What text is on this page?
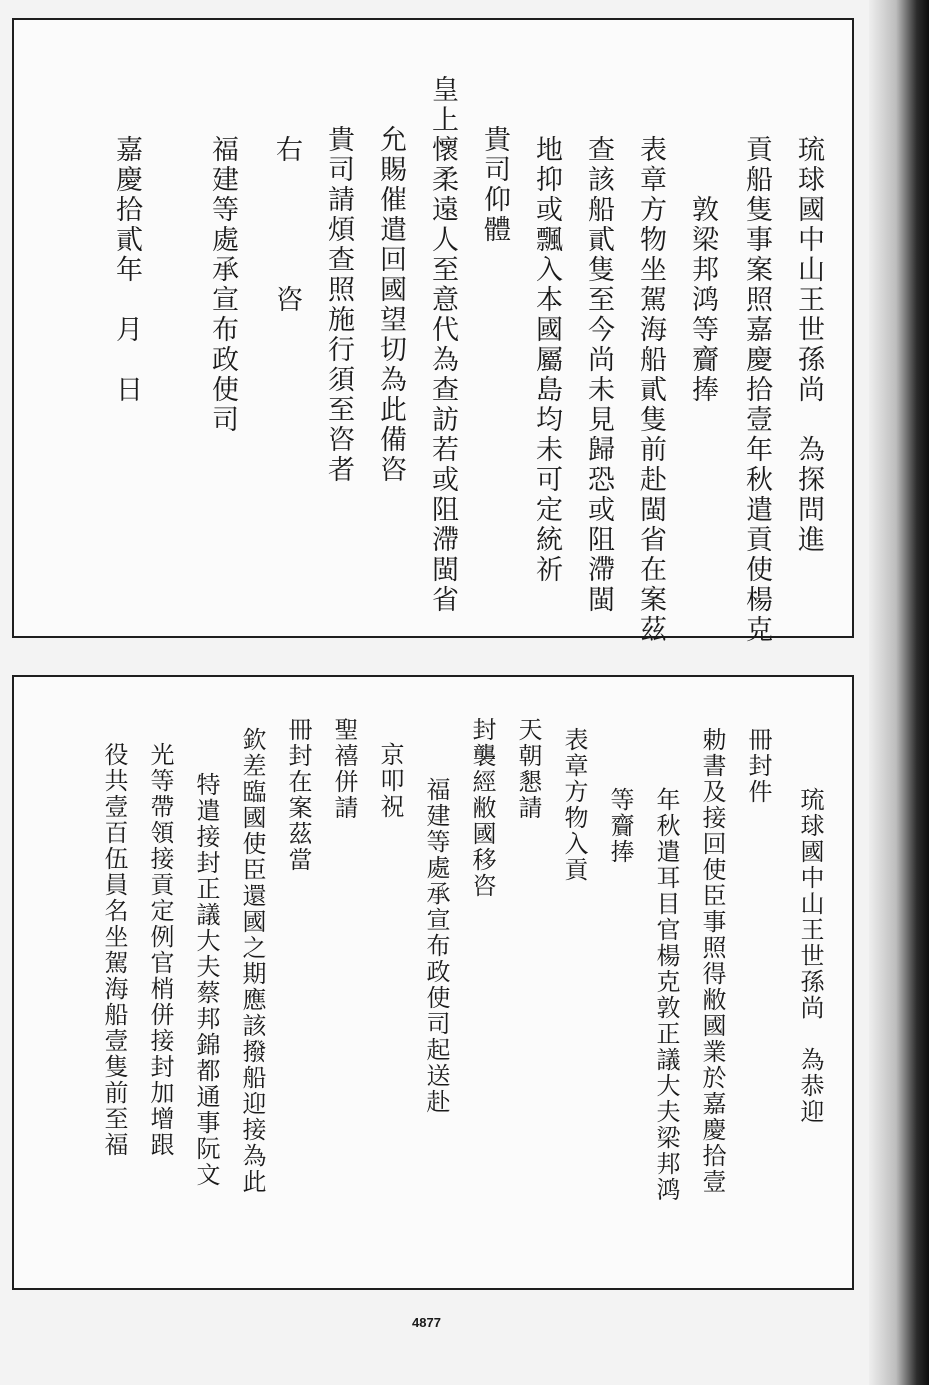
琉球國中山王世孫尚　為探問進

貢船隻事案照嘉慶拾壹年秋遣貢使楊克

敦梁邦鸿等齎捧

表章方物坐駕海船貳隻前赴閩省在案茲

查該船貳隻至今尚未見歸恐或阻滯閩

地抑或飄入本國屬島均未可定統祈

貴司仰體

皇上懷柔遠人至意代為查訪若或阻滯閩省

允賜催遣回國望切為此備咨

貴司請煩查照施行須至咨者

右　　　　咨

福建等處承宣布政使司

嘉慶拾貳年　月　日

琉球國中山王世孫尚　為恭迎

冊封件

勅書及接回使臣事照得敝國業於嘉慶拾壹

年秋遣耳目官楊克敦正議大夫梁邦鸿

等齎捧

表章方物入貢

天朝懇請

封襲經敝國移咨

福建等處承宣布政使司起送赴

京叩祝

聖禧併請

冊封在案茲當

欽差臨國使臣還國之期應該撥船迎接為此

特遣接封正議大夫蔡邦錦都通事阮文

光等帶領接貢定例官梢併接封加增跟

役共壹百伍員名坐駕海船壹隻前至福

4877
